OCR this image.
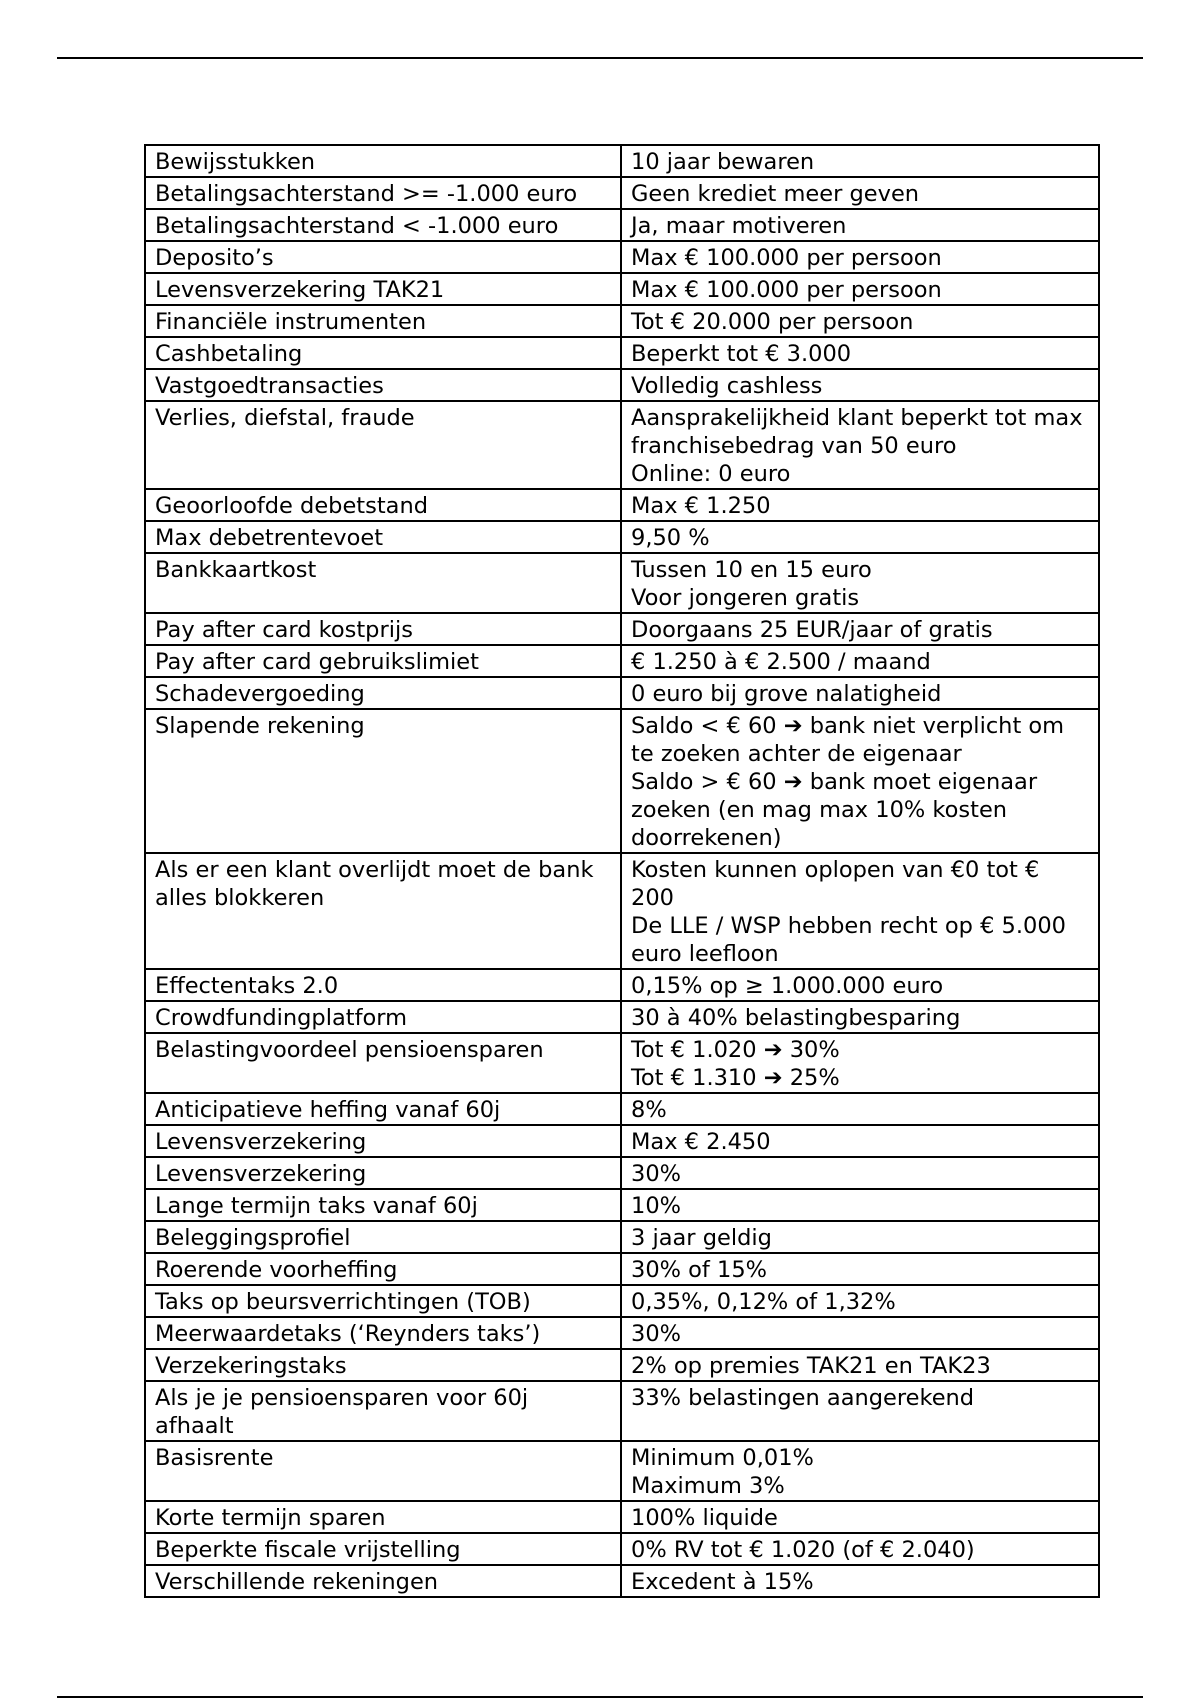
Bewijsstukken	10 jaar bewaren
Betalingsachterstand >= -1.000 euro	Geen krediet meer geven
Betalingsachterstand < -1.000 euro	Ja, maar motiveren
Deposito’s	Max € 100.000 per persoon
Levensverzekering TAK21	Max € 100.000 per persoon
Financiële instrumenten	Tot € 20.000 per persoon
Cashbetaling	Beperkt tot € 3.000
Vastgoedtransacties	Volledig cashless
Verlies, diefstal, fraude	Aansprakelijkheid klant beperkt tot max franchisebedrag van 50 euro
Online: 0 euro
Geoorloofde debetstand	Max € 1.250
Max debetrentevoet	9,50 %
Bankkaartkost	Tussen 10 en 15 euro
Voor jongeren gratis
Pay after card kostprijs	Doorgaans 25 EUR/jaar of gratis
Pay after card gebruikslimiet	€ 1.250 à € 2.500 / maand
Schadevergoeding	0 euro bij grove nalatigheid
Slapende rekening	Saldo < € 60 ➔ bank niet verplicht om te zoeken achter de eigenaar
Saldo > € 60 ➔ bank moet eigenaar zoeken (en mag max 10% kosten doorrekenen)
Als er een klant overlijdt moet de bank alles blokkeren	Kosten kunnen oplopen van €0 tot € 200
De LLE / WSP hebben recht op € 5.000 euro leefloon
Effectentaks 2.0	0,15% op ≥ 1.000.000 euro
Crowdfundingplatform	30 à 40% belastingbesparing
Belastingvoordeel pensioensparen	Tot € 1.020 ➔ 30%
Tot € 1.310 ➔ 25%
Anticipatieve heffing vanaf 60j	8%
Levensverzekering	Max € 2.450
Levensverzekering	30%
Lange termijn taks vanaf 60j	10%
Beleggingsprofiel	3 jaar geldig
Roerende voorheffing	30% of 15%
Taks op beursverrichtingen (TOB)	0,35%, 0,12% of 1,32%
Meerwaardetaks (‘Reynders taks’)	30%
Verzekeringstaks	2% op premies TAK21 en TAK23
Als je je pensioensparen voor 60j afhaalt	33% belastingen aangerekend
Basisrente	Minimum 0,01%
Maximum 3%
Korte termijn sparen	100% liquide
Beperkte fiscale vrijstelling	0% RV tot € 1.020 (of € 2.040)
Verschillende rekeningen	Excedent à 15%
